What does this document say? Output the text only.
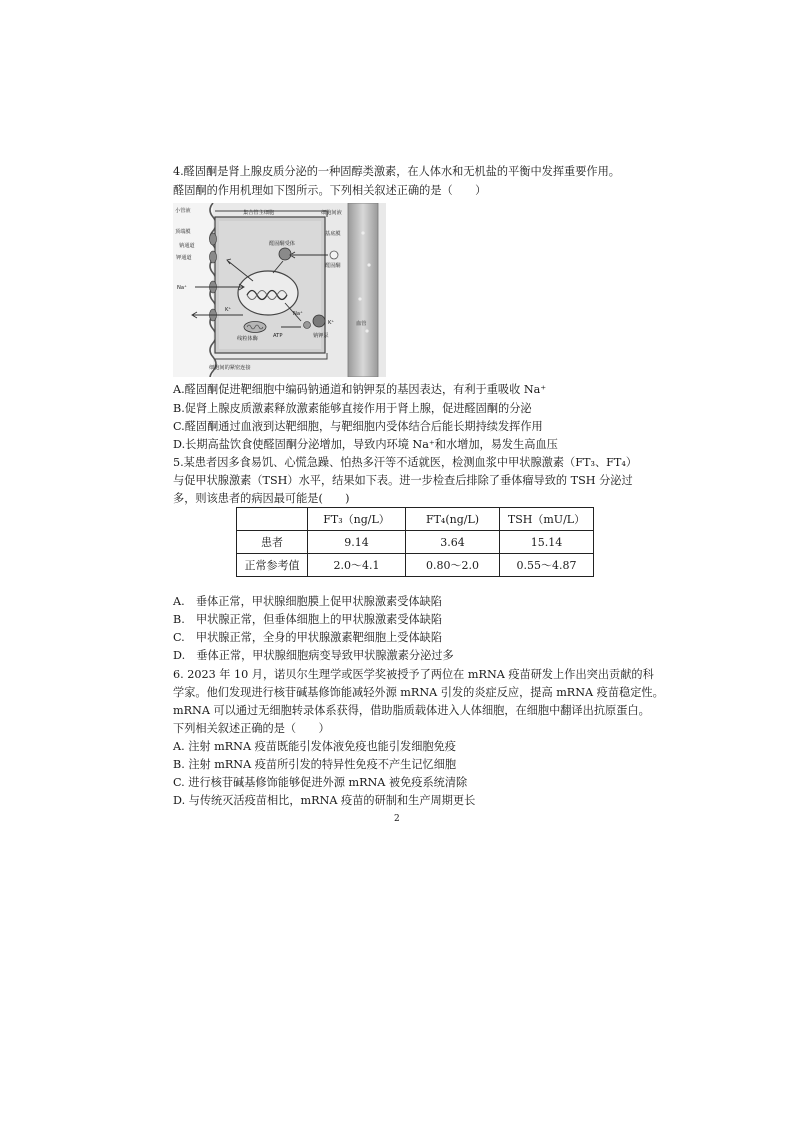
4.醛固酮是肾上腺皮质分泌的一种固醇类激素，在人体水和无机盐的平衡中发挥重要作用。
醛固酮的作用机理如下图所示。下列相关叙述正确的是（　　）
小管液	集合管主细胞	细胞间液
顶端膜	基底膜
钠通道
钾通道
醛固酮受体
醛固酮
Na⁺
K⁺
Na⁺
K⁺
线粒体酶	ATP	钠钾泵
血管
细胞间的紧密连接
A.醛固酮促进靶细胞中编码钠通道和钠钾泵的基因表达，有利于重吸收 Na⁺
B.促肾上腺皮质激素释放激素能够直接作用于肾上腺，促进醛固酮的分泌
C.醛固酮通过血液到达靶细胞，与靶细胞内受体结合后能长期持续发挥作用
D.长期高盐饮食使醛固酮分泌增加，导致内环境 Na⁺和水增加，易发生高血压
5.某患者因多食易饥、心慌急躁、怕热多汗等不适就医，检测血浆中甲状腺激素（FT₃、FT₄）
与促甲状腺激素（TSH）水平，结果如下表。进一步检查后排除了垂体瘤导致的 TSH 分泌过
多，则该患者的病因最可能是(　　)
	FT₃（ng/L）	FT₄(ng/L)	TSH（mU/L）
患者	9.14	3.64	15.14
正常参考值	2.0～4.1	0.80～2.0	0.55～4.87
A.　垂体正常，甲状腺细胞膜上促甲状腺激素受体缺陷
B.　甲状腺正常，但垂体细胞上的甲状腺激素受体缺陷
C.　甲状腺正常，全身的甲状腺激素靶细胞上受体缺陷
D.　垂体正常，甲状腺细胞病变导致甲状腺激素分泌过多
6. 2023 年 10 月，诺贝尔生理学或医学奖被授予了两位在 mRNA 疫苗研发上作出突出贡献的科
学家。他们发现进行核苷碱基修饰能减轻外源 mRNA 引发的炎症反应，提高 mRNA 疫苗稳定性。
mRNA 可以通过无细胞转录体系获得，借助脂质载体进入人体细胞，在细胞中翻译出抗原蛋白。
下列相关叙述正确的是（　　）
A. 注射 mRNA 疫苗既能引发体液免疫也能引发细胞免疫
B. 注射 mRNA 疫苗所引发的特异性免疫不产生记忆细胞
C. 进行核苷碱基修饰能够促进外源 mRNA 被免疫系统清除
D. 与传统灭活疫苗相比，mRNA 疫苗的研制和生产周期更长
2
